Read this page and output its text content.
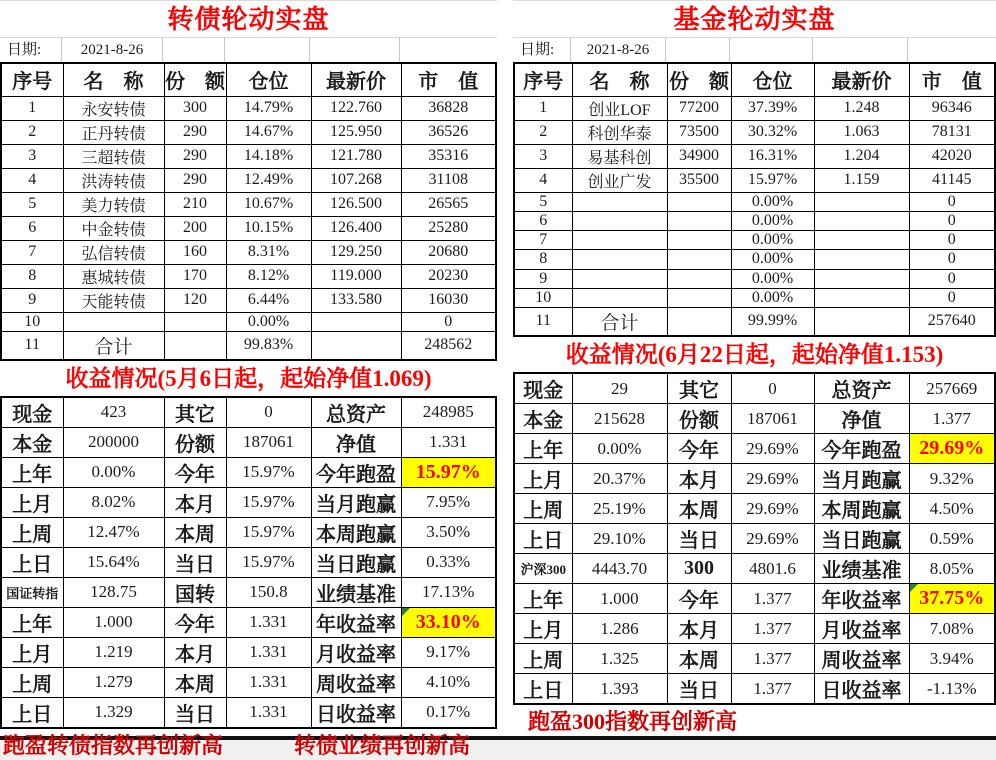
转债轮动实盘
日期:	2021-8-26
序号	名　称	份　额	仓位	最新价	市　值
1	永安转债	300	14.79%	122.760	36828
2	正丹转债	290	14.67%	125.950	36526
3	三超转债	290	14.18%	121.780	35316
4	洪涛转债	290	12.49%	107.268	31108
5	美力转债	210	10.67%	126.500	26565
6	中金转债	200	10.15%	126.400	25280
7	弘信转债	160	8.31%	129.250	20680
8	惠城转债	170	8.12%	119.000	20230
9	天能转债	120	6.44%	133.580	16030
10			0.00%		0
11	合计		99.83%		248562
收益情况(5月6日起，起始净值1.069)
现金	423	其它	0	总资产	248985
本金	200000	份额	187061	净值	1.331
上年	0.00%	今年	15.97%	今年跑盈	15.97%
上月	8.02%	本月	15.97%	当月跑赢	7.95%
上周	12.47%	本周	15.97%	本周跑赢	3.50%
上日	15.64%	当日	15.97%	当日跑赢	0.33%
国证转指	128.75	国转	150.8	业绩基准	17.13%
上年	1.000	今年	1.331	年收益率	33.10%
上月	1.219	本月	1.331	月收益率	9.17%
上周	1.279	本周	1.331	周收益率	4.10%
上日	1.329	当日	1.331	日收益率	0.17%
跑盈转债指数再创新高	转债业绩再创新高
基金轮动实盘
日期:	2021-8-26
序号	名　称	份　额	仓位	最新价	市　值
1	创业LOF	77200	37.39%	1.248	96346
2	科创华泰	73500	30.32%	1.063	78131
3	易基科创	34900	16.31%	1.204	42020
4	创业广发	35500	15.97%	1.159	41145
5			0.00%		0
6			0.00%		0
7			0.00%		0
8			0.00%		0
9			0.00%		0
10			0.00%		0
11	合计		99.99%		257640
收益情况(6月22日起，起始净值1.153)
现金	29	其它	0	总资产	257669
本金	215628	份额	187061	净值	1.377
上年	0.00%	今年	29.69%	今年跑盈	29.69%
上月	20.37%	本月	29.69%	当月跑赢	9.32%
上周	25.19%	本周	29.69%	本周跑赢	4.50%
上日	29.10%	当日	29.69%	当日跑赢	0.59%
沪深300	4443.70	300	4801.6	业绩基准	8.05%
上年	1.000	今年	1.377	年收益率	37.75%
上月	1.286	本月	1.377	月收益率	7.08%
上周	1.325	本周	1.377	周收益率	3.94%
上日	1.393	当日	1.377	日收益率	-1.13%
跑盈300指数再创新高
